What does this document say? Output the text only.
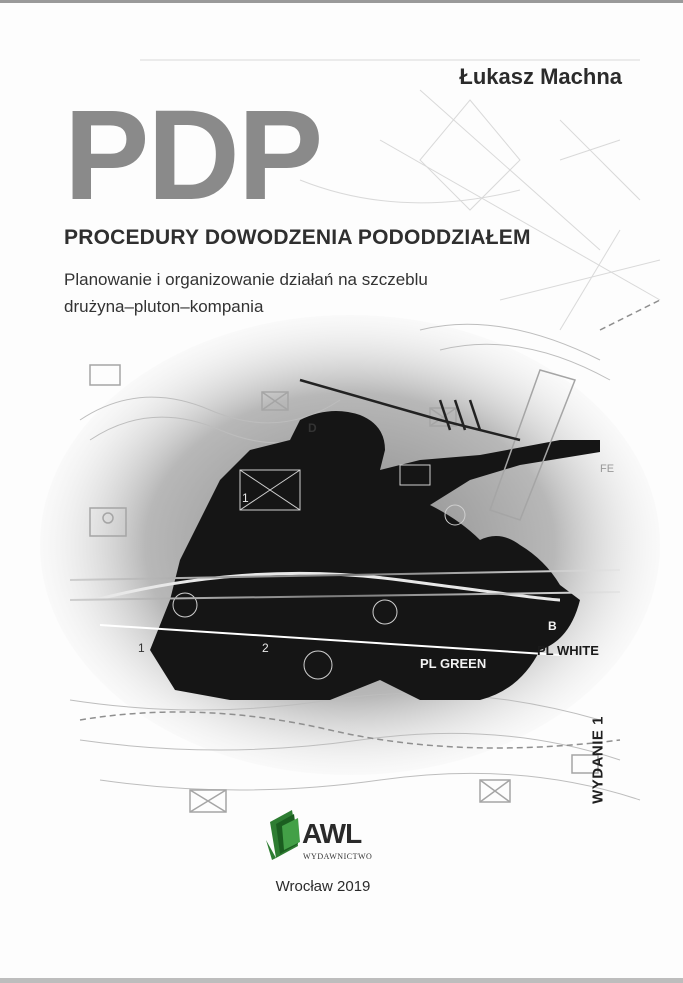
PL GREEN
PL WHITE
1
1	2
B
D
FE
Łukasz Machna
PDP
PROCEDURY DOWODZENIA PODODDZIAŁEM
Planowanie i organizowanie działań na szczeblu
drużyna–pluton–kompania
WYDANIE 1
AWL
WYDAWNICTWO
Wrocław 2019
